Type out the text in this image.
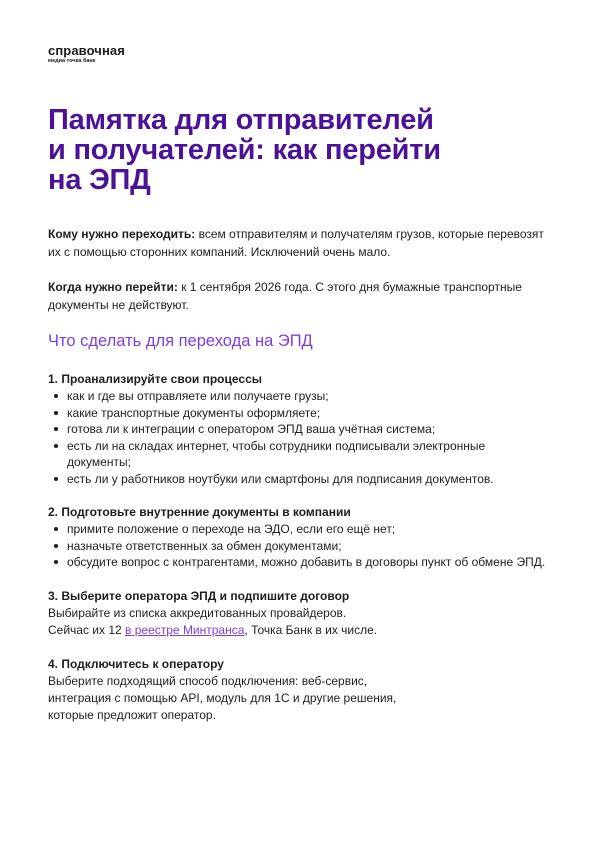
справочная
медиа точка банк
Памятка для отправителей
и получателей: как перейти
на ЭПД

Кому нужно переходить: всем отправителям и получателям грузов, которые перевозят их с помощью сторонних компаний. Исключений очень мало.

Когда нужно перейти: к 1 сентября 2026 года. С этого дня бумажные транспортные документы не действуют.

Что сделать для перехода на ЭПД
1. Проанализируйте свои процессы
как и где вы отправляете или получаете грузы;
какие транспортные документы оформляете;
готова ли к интеграции с оператором ЭПД ваша учётная система;
есть ли на складах интернет, чтобы сотрудники подписывали электронные документы;
есть ли у работников ноутбуки или смартфоны для подписания документов.
2. Подготовьте внутренние документы в компании
примите положение о переходе на ЭДО, если его ещё нет;
назначьте ответственных за обмен документами;
обсудите вопрос с контрагентами, можно добавить в договоры пункт об обмене ЭПД.
3. Выберите оператора ЭПД и подпишите договор
Выбирайте из списка аккредитованных провайдеров.
Сейчас их 12 в реестре Минтранса, Точка Банк в их числе.
4. Подключитесь к оператору
Выберите подходящий способ подключения: веб-сервис,
интеграция с помощью API, модуль для 1С и другие решения,
которые предложит оператор.
